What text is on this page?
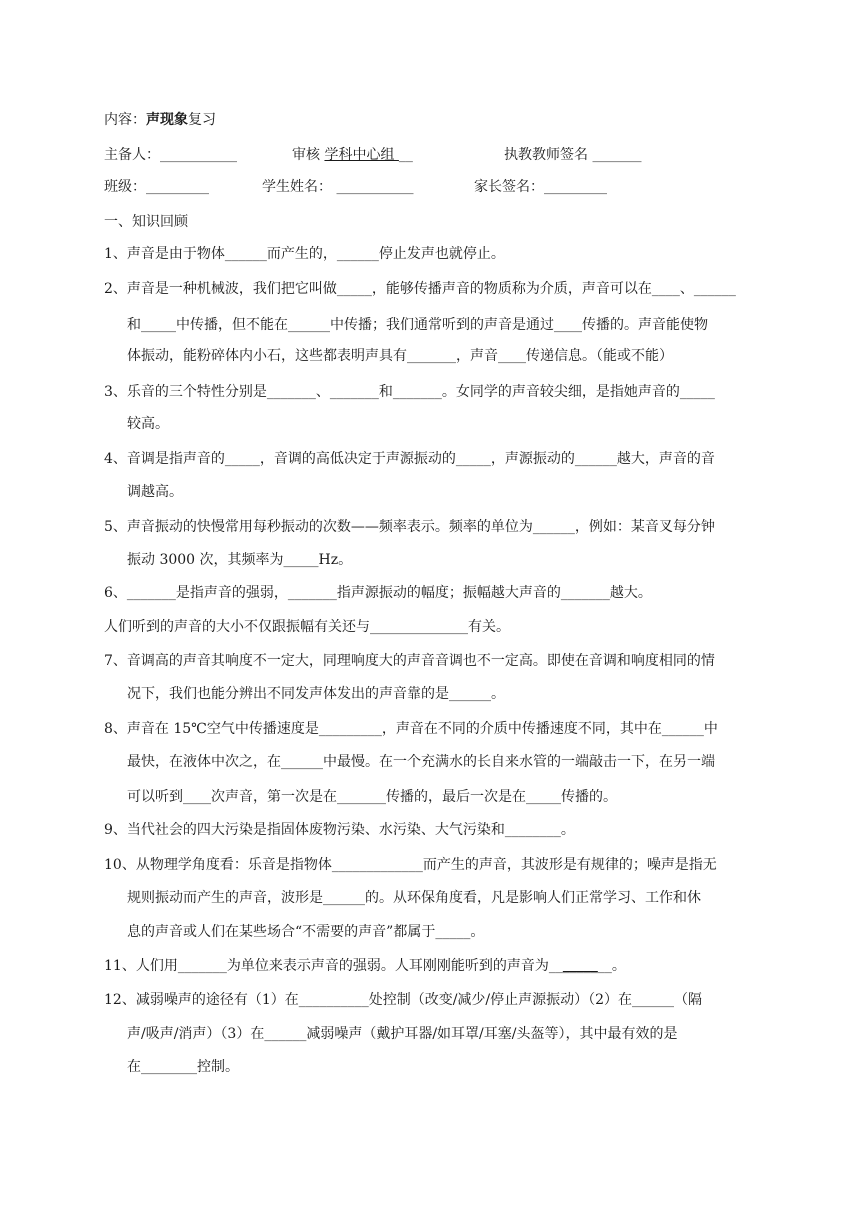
内容：声现象复习
主备人：___________	审核 学科中心组 __	执教教师签名 _______
班级：_________	学生姓名： ___________	家长签名：_________
一、知识回顾
1、声音是由于物体______而产生的，______停止发声也就停止。
2、声音是一种机械波，我们把它叫做_____，能够传播声音的物质称为介质，声音可以在____、______
和_____中传播，但不能在______中传播；我们通常听到的声音是通过____传播的。声音能使物
体振动，能粉碎体内小石，这些都表明声具有_______，声音____传递信息。（能或不能）
3、乐音的三个特性分别是_______、_______和_______。女同学的声音较尖细，是指她声音的_____
较高。
4、音调是指声音的_____，音调的高低决定于声源振动的_____，声源振动的______越大，声音的音
调越高。
5、声音振动的快慢常用每秒振动的次数——频率表示。频率的单位为______，例如：某音叉每分钟
振动 3000 次，其频率为_____Hz。
6、_______是指声音的强弱，_______指声源振动的幅度；振幅越大声音的_______越大。
人们听到的声音的大小不仅跟振幅有关还与______________有关。
7、音调高的声音其响度不一定大，同理响度大的声音音调也不一定高。即使在音调和响度相同的情
况下，我们也能分辨出不同发声体发出的声音靠的是______。
8、声音在 15℃空气中传播速度是_________，声音在不同的介质中传播速度不同，其中在______中
最快，在液体中次之，在______中最慢。在一个充满水的长自来水管的一端敲击一下，在另一端
可以听到____次声音，第一次是在_______传播的，最后一次是在_____传播的。
9、当代社会的四大污染是指固体废物污染、水污染、大气污染和________。
10、从物理学角度看：乐音是指物体_____________而产生的声音，其波形是有规律的；噪声是指无
规则振动而产生的声音，波形是______的。从环保角度看，凡是影响人们正常学习、工作和休
息的声音或人们在某些场合“不需要的声音”都属于_____。
11、人们用_______为单位来表示声音的强弱。人耳刚刚能听到的声音为_________。
12、减弱噪声的途径有（1）在__________处控制（改变/减少/停止声源振动）（2）在______（隔
声/吸声/消声）（3）在______减弱噪声（戴护耳器/如耳罩/耳塞/头盔等），其中最有效的是
在________控制。
